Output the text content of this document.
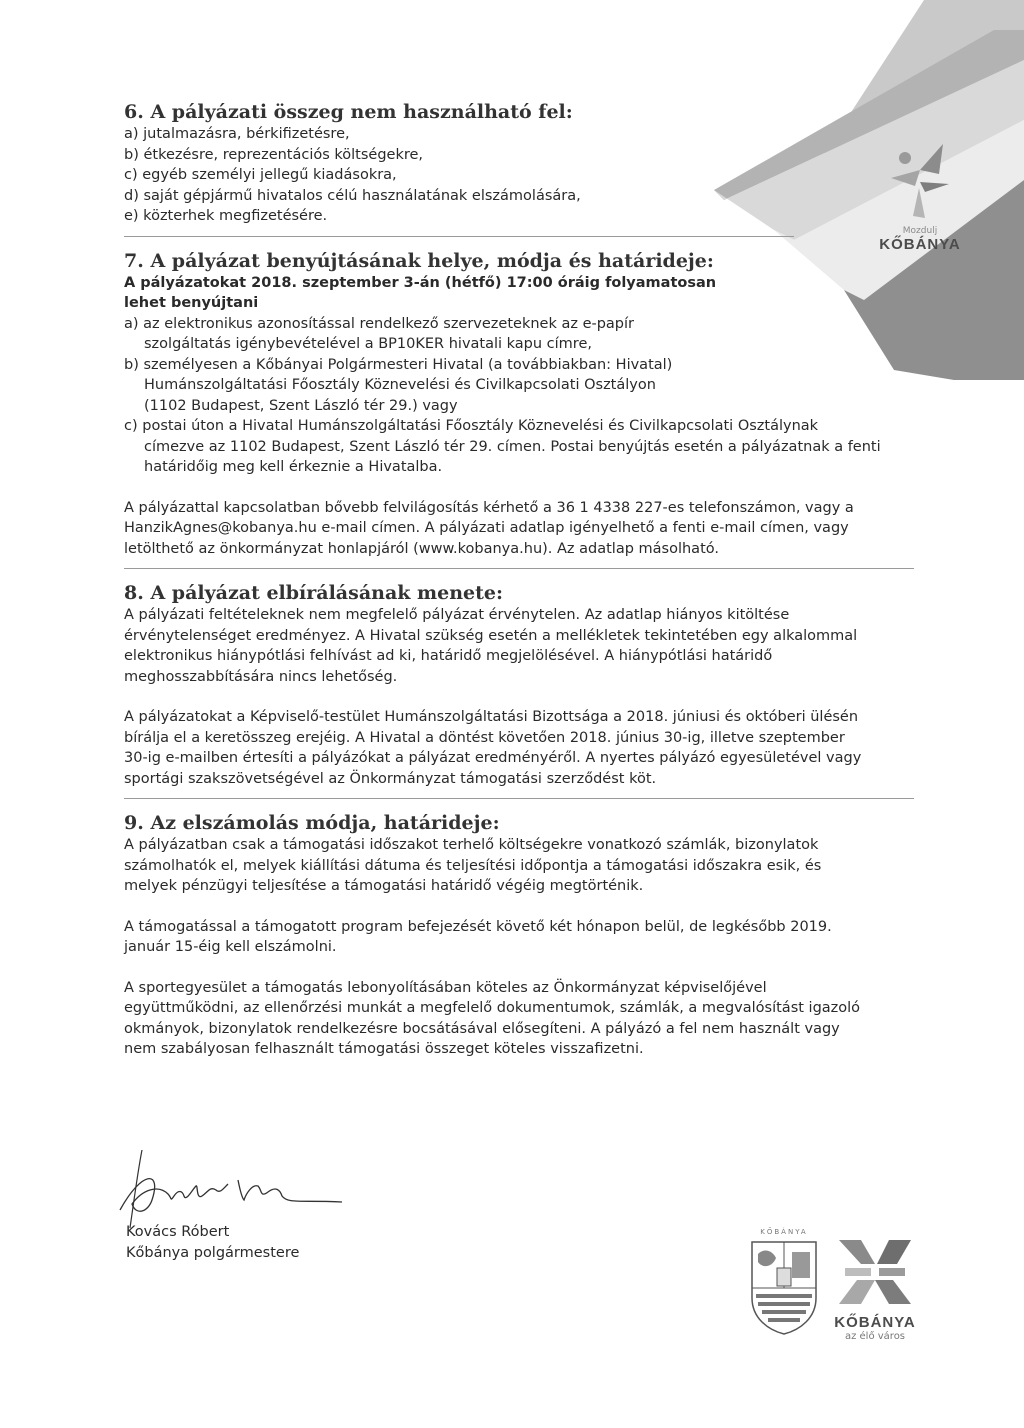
Mozdulj
KŐBÁNYA
6. A pályázati összeg nem használható fel:

a) jutalmazásra, bérkifizetésre,

b) étkezésre, reprezentációs költségekre,

c) egyéb személyi jellegű kiadásokra,

d) saját gépjármű hivatalos célú használatának elszámolására,

e) közterhek megfizetésére.

7. A pályázat benyújtásának helye, módja és határideje:

A pályázatokat 2018. szeptember 3-án (hétfő) 17:00 óráig folyamatosan

lehet benyújtani

a) az elektronikus azonosítással rendelkező szervezeteknek az e-papír

szolgáltatás igénybevételével a BP10KER hivatali kapu címre,

b) személyesen a Kőbányai Polgármesteri Hivatal (a továbbiakban: Hivatal)

Humánszolgáltatási Főosztály Köznevelési és Civilkapcsolati Osztályon

(1102 Budapest, Szent László tér 29.) vagy

c) postai úton a Hivatal Humánszolgáltatási Főosztály Köznevelési és Civilkapcsolati Osztálynak

címezve az 1102 Budapest, Szent László tér 29. címen. Postai benyújtás esetén a pályázatnak a fenti

határidőig meg kell érkeznie a Hivatalba.

A pályázattal kapcsolatban bővebb felvilágosítás kérhető a 36 1 4338 227-es telefonszámon, vagy a

HanzikAgnes@kobanya.hu e-mail címen. A pályázati adatlap igényelhető a fenti e-mail címen, vagy

letölthető az önkormányzat honlapjáról (www.kobanya.hu). Az adatlap másolható.

8. A pályázat elbírálásának menete:

A pályázati feltételeknek nem megfelelő pályázat érvénytelen. Az adatlap hiányos kitöltése

érvénytelenséget eredményez. A Hivatal szükség esetén a mellékletek tekintetében egy alkalommal

elektronikus hiánypótlási felhívást ad ki, határidő megjelölésével. A hiánypótlási határidő

meghosszabbítására nincs lehetőség.

A pályázatokat a Képviselő-testület Humánszolgáltatási Bizottsága a 2018. júniusi és októberi ülésén

bírálja el a keretösszeg erejéig. A Hivatal a döntést követően 2018. június 30-ig, illetve szeptember

30-ig e-mailben értesíti a pályázókat a pályázat eredményéről. A nyertes pályázó egyesületével vagy

sportági szakszövetségével az Önkormányzat támogatási szerződést köt.

9. Az elszámolás módja, határideje:

A pályázatban csak a támogatási időszakot terhelő költségekre vonatkozó számlák, bizonylatok

számolhatók el, melyek kiállítási dátuma és teljesítési időpontja a támogatási időszakra esik, és

melyek pénzügyi teljesítése a támogatási határidő végéig megtörténik.

A támogatással a támogatott program befejezését követő két hónapon belül, de legkésőbb 2019.

január 15-éig kell elszámolni.

A sportegyesület a támogatás lebonyolításában köteles az Önkormányzat képviselőjével

együttműködni, az ellenőrzési munkát a megfelelő dokumentumok, számlák, a megvalósítást igazoló

okmányok, bizonylatok rendelkezésre bocsátásával elősegíteni. A pályázó a fel nem használt vagy

nem szabályosan felhasznált támogatási összeget köteles visszafizetni.

Kovács Róbert
Kőbánya polgármestere
KŐBÁNYA
KŐBÁNYA
az élő város
